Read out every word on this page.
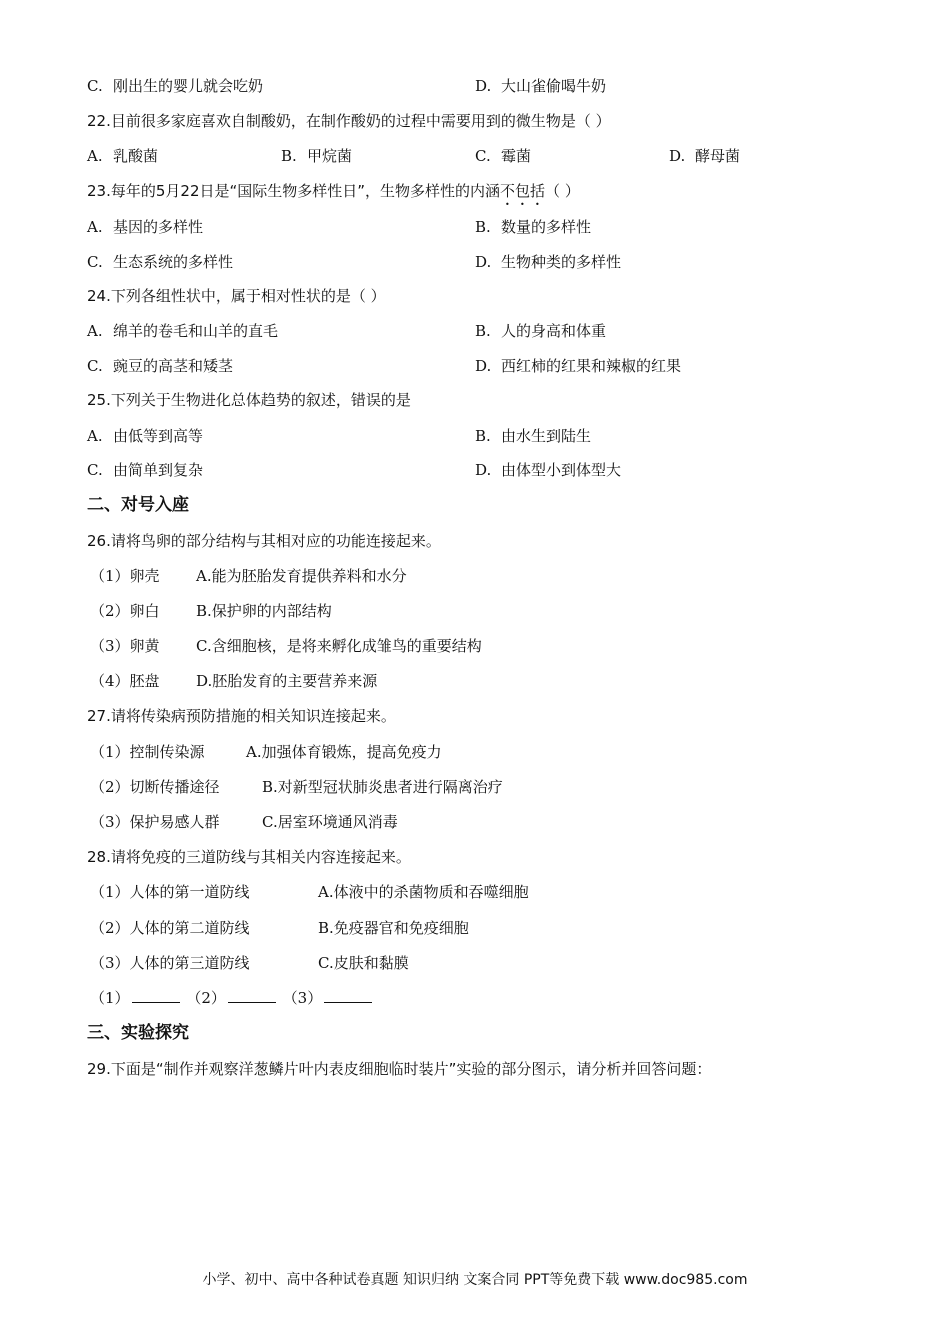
C. 刚出生的婴儿就会吃奶	D. 大山雀偷喝牛奶
22.目前很多家庭喜欢自制酸奶，在制作酸奶的过程中需要用到的微生物是（ ）
A. 乳酸菌	B. 甲烷菌	C. 霉菌	D. 酵母菌
23.每年的5月22日是“国际生物多样性日”，生物多样性的内涵不包括（ ）
A. 基因的多样性	B. 数量的多样性
C. 生态系统的多样性	D. 生物种类的多样性
24.下列各组性状中，属于相对性状的是（ ）
A. 绵羊的卷毛和山羊的直毛	B. 人的身高和体重
C. 豌豆的高茎和矮茎	D. 西红柿的红果和辣椒的红果
25.下列关于生物进化总体趋势的叙述，错误的是
A. 由低等到高等	B. 由水生到陆生
C. 由简单到复杂	D. 由体型小到体型大
二、对号入座
26.请将鸟卵的部分结构与其相对应的功能连接起来。
（1）卵壳 A.能为胚胎发育提供养料和水分
（2）卵白 B.保护卵的内部结构
（3）卵黄 C.含细胞核，是将来孵化成雏鸟的重要结构
（4）胚盘 D.胚胎发育的主要营养来源
27.请将传染病预防措施的相关知识连接起来。
（1）控制传染源	A.加强体育锻炼，提高免疫力
（2）切断传播途径	B.对新型冠状肺炎患者进行隔离治疗
（3）保护易感人群	C.居室环境通风消毒
28.请将免疫的三道防线与其相关内容连接起来。
（1）人体的第一道防线	A.体液中的杀菌物质和吞噬细胞
（2）人体的第二道防线	B.免疫器官和免疫细胞
（3）人体的第三道防线	C.皮肤和黏膜
（1）	（2）	（3）
三、实验探究
29.下面是“制作并观察洋葱鳞片叶内表皮细胞临时装片”实验的部分图示，请分析并回答问题：
小学、初中、高中各种试卷真题 知识归纳 文案合同 PPT等免费下载 www.doc985.com
